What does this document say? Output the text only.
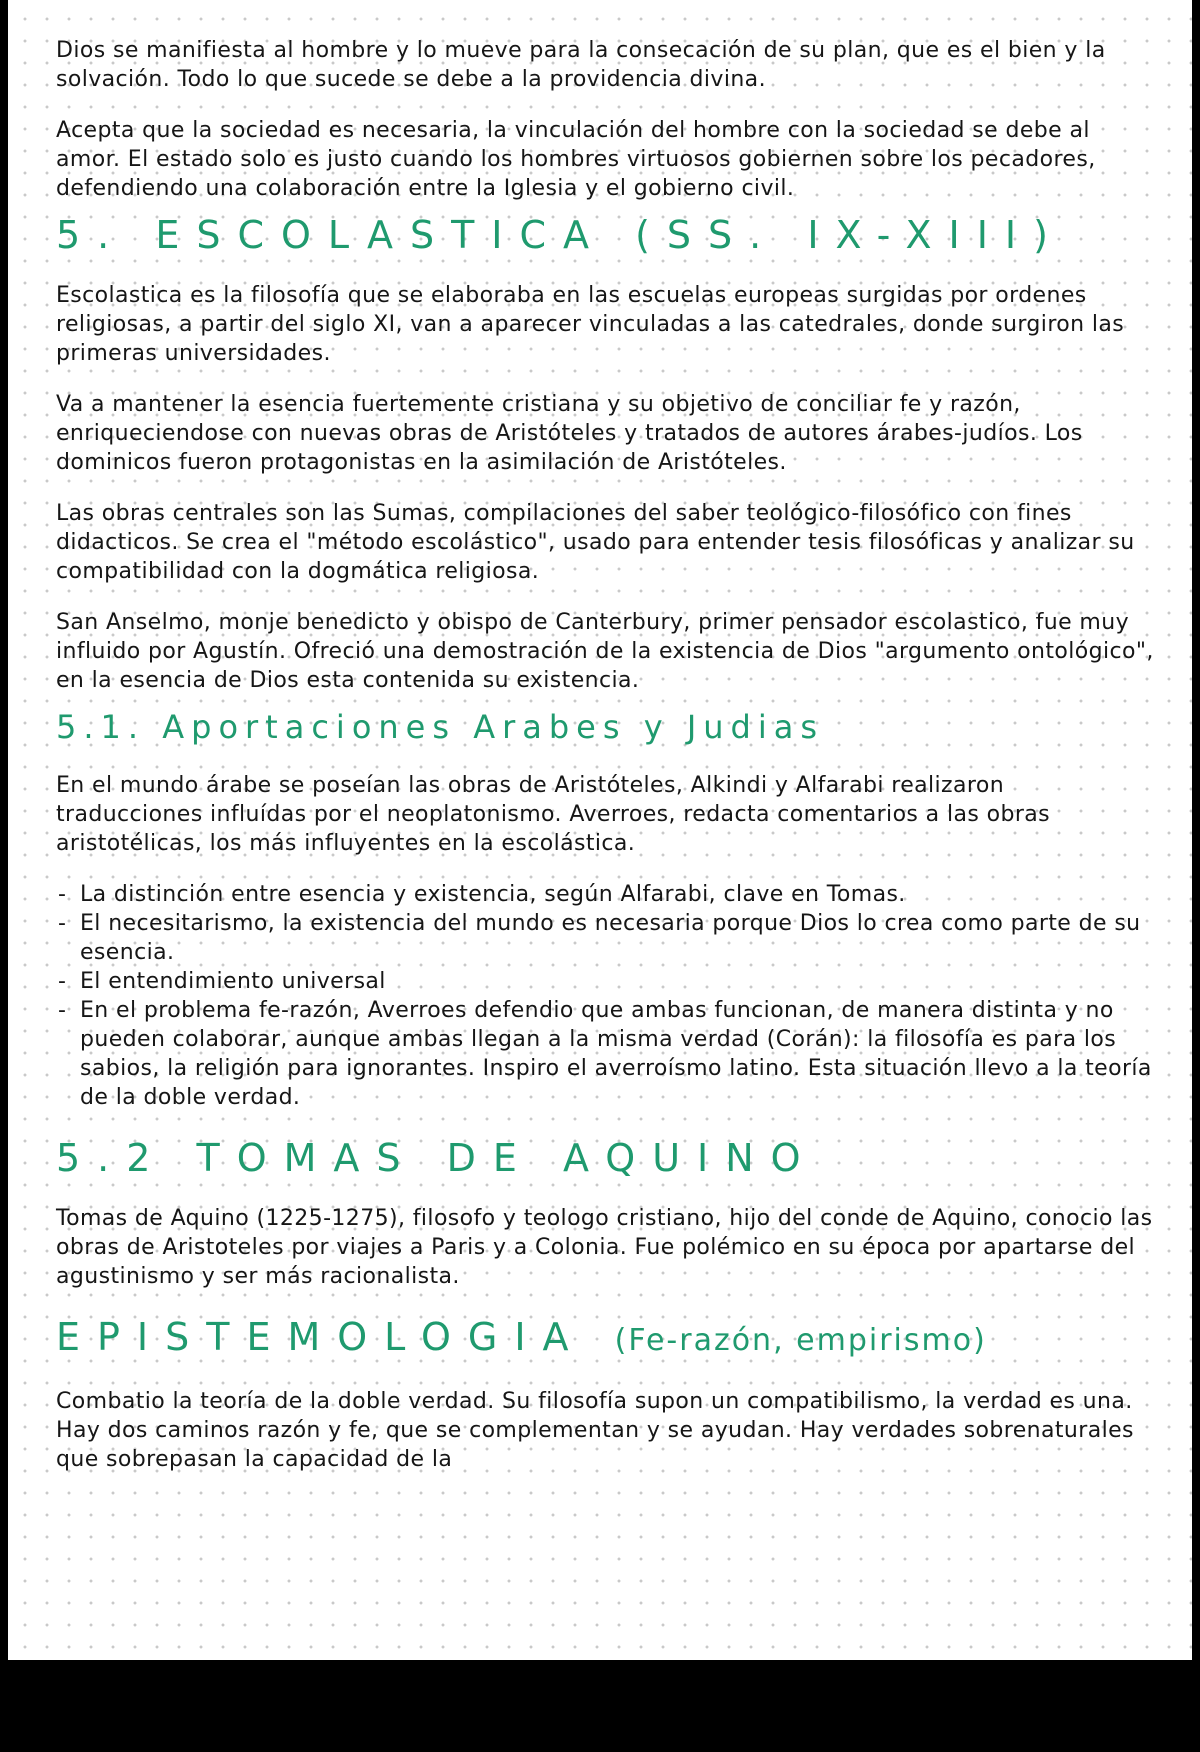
Dios se manifiesta al hombre y lo mueve para la consecación de su plan, que es el bien y la solvación. Todo lo que sucede se debe a la providencia divina.

Acepta que la sociedad es necesaria, la vinculación del hombre con la sociedad se debe al amor. El estado solo es justo cuando los hombres virtuosos gobiernen sobre los pecadores, defendiendo una colaboración entre la Iglesia y el gobierno civil.

5. ESCOLASTICA (SS. IX-XIII)

Escolastica es la filosofía que se elaboraba en las escuelas europeas surgidas por ordenes religiosas, a partir del siglo XI, van a aparecer vinculadas a las catedrales, donde surgiron las primeras universidades.

Va a mantener la esencia fuertemente cristiana y su objetivo de conciliar fe y razón, enriqueciendose con nuevas obras de Aristóteles y tratados de autores árabes-judíos. Los dominicos fueron protagonistas en la asimilación de Aristóteles.

Las obras centrales son las Sumas, compilaciones del saber teológico-filosófico con fines didacticos. Se crea el "método escolástico", usado para entender tesis filosóficas y analizar su compatibilidad con la dogmática religiosa.

San Anselmo, monje benedicto y obispo de Canterbury, primer pensador escolastico, fue muy influido por Agustín. Ofreció una demostración de la existencia de Dios "argumento ontológico", en la esencia de Dios esta contenida su existencia.

5.1. Aportaciones Arabes y Judias

En el mundo árabe se poseían las obras de Aristóteles, Alkindi y Alfarabi realizaron traducciones influídas por el neoplatonismo. Averroes, redacta comentarios a las obras aristotélicas, los más influyentes en la escolástica.

- La distinción entre esencia y existencia, según Alfarabi, clave en Tomas.
- El necesitarismo, la existencia del mundo es necesaria porque Dios lo crea como parte de su esencia.
- El entendimiento universal
- En el problema fe-razón, Averroes defendio que ambas funcionan, de manera distinta y no pueden colaborar, aunque ambas llegan a la misma verdad (Corán): la filosofía es para los sabios, la religión para ignorantes. Inspiro el averroísmo latino. Esta situación llevo a la teoría de la doble verdad.
5.2 TOMAS DE AQUINO

Tomas de Aquino (1225-1275), filosofo y teologo cristiano, hijo del conde de Aquino, conocio las obras de Aristoteles por viajes a Paris y a Colonia. Fue polémico en su época por apartarse del agustinismo y ser más racionalista.

EPISTEMOLOGIA (Fe-razón, empirismo)

Combatio la teoría de la doble verdad. Su filosofía supon un compatibilismo, la verdad es una. Hay dos caminos razón y fe, que se complementan y se ayudan. Hay verdades sobrenaturales que sobrepasan la capacidad de la
